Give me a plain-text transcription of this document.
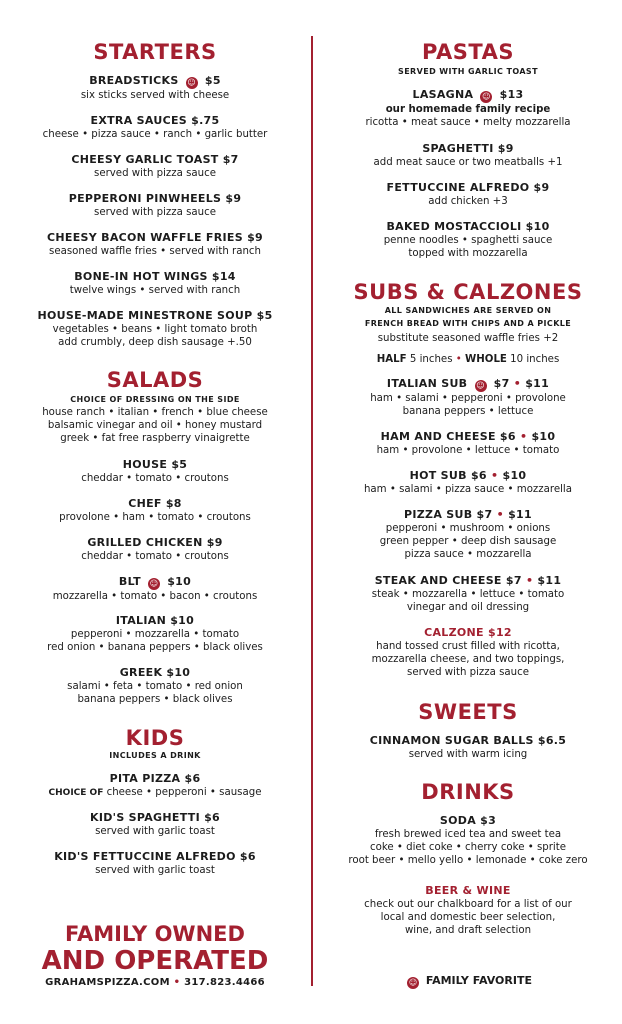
STARTERS
BREADSTICKS ☺ $5
six sticks served with cheese
EXTRA SAUCES $.75
cheese • pizza sauce • ranch • garlic butter
CHEESY GARLIC TOAST $7
served with pizza sauce
PEPPERONI PINWHEELS $9
served with pizza sauce
CHEESY BACON WAFFLE FRIES $9
seasoned waffle fries • served with ranch
BONE-IN HOT WINGS $14
twelve wings • served with ranch
HOUSE-MADE MINESTRONE SOUP $5
vegetables • beans • light tomato broth
add crumbly, deep dish sausage +.50
SALADS
CHOICE OF DRESSING ON THE SIDE
house ranch • italian • french • blue cheese
balsamic vinegar and oil • honey mustard
greek • fat free raspberry vinaigrette
HOUSE $5
cheddar • tomato • croutons
CHEF $8
provolone • ham • tomato • croutons
GRILLED CHICKEN $9
cheddar • tomato • croutons
BLT ☺ $10
mozzarella • tomato • bacon • croutons
ITALIAN $10
pepperoni • mozzarella • tomato
red onion • banana peppers • black olives
GREEK $10
salami • feta • tomato • red onion
banana peppers • black olives
KIDS
INCLUDES A DRINK
PITA PIZZA $6
CHOICE OF cheese • pepperoni • sausage
KID'S SPAGHETTI $6
served with garlic toast
KID'S FETTUCCINE ALFREDO $6
served with garlic toast
FAMILY OWNED
AND OPERATED
GRAHAMSPIZZA.COM • 317.823.4466
PASTAS
SERVED WITH GARLIC TOAST
LASAGNA ☺ $13
our homemade family recipe
ricotta • meat sauce • melty mozzarella
SPAGHETTI $9
add meat sauce or two meatballs +1
FETTUCCINE ALFREDO $9
add chicken +3
BAKED MOSTACCIOLI $10
penne noodles • spaghetti sauce
topped with mozzarella
SUBS & CALZONES
ALL SANDWICHES ARE SERVED ON
FRENCH BREAD WITH CHIPS AND A PICKLE
substitute seasoned waffle fries +2
HALF 5 inches • WHOLE 10 inches
ITALIAN SUB ☺ $7 • $11
ham • salami • pepperoni • provolone
banana peppers • lettuce
HAM AND CHEESE $6 • $10
ham • provolone • lettuce • tomato
HOT SUB $6 • $10
ham • salami • pizza sauce • mozzarella
PIZZA SUB $7 • $11
pepperoni • mushroom • onions
green pepper • deep dish sausage
pizza sauce • mozzarella
STEAK AND CHEESE $7 • $11
steak • mozzarella • lettuce • tomato
vinegar and oil dressing
CALZONE $12
hand tossed crust filled with ricotta,
mozzarella cheese, and two toppings,
served with pizza sauce
SWEETS
CINNAMON SUGAR BALLS $6.5
served with warm icing
DRINKS
SODA $3
fresh brewed iced tea and sweet tea
coke • diet coke • cherry coke • sprite
root beer • mello yello • lemonade • coke zero
BEER & WINE
check out our chalkboard for a list of our
local and domestic beer selection,
wine, and draft selection
☺ FAMILY FAVORITE
